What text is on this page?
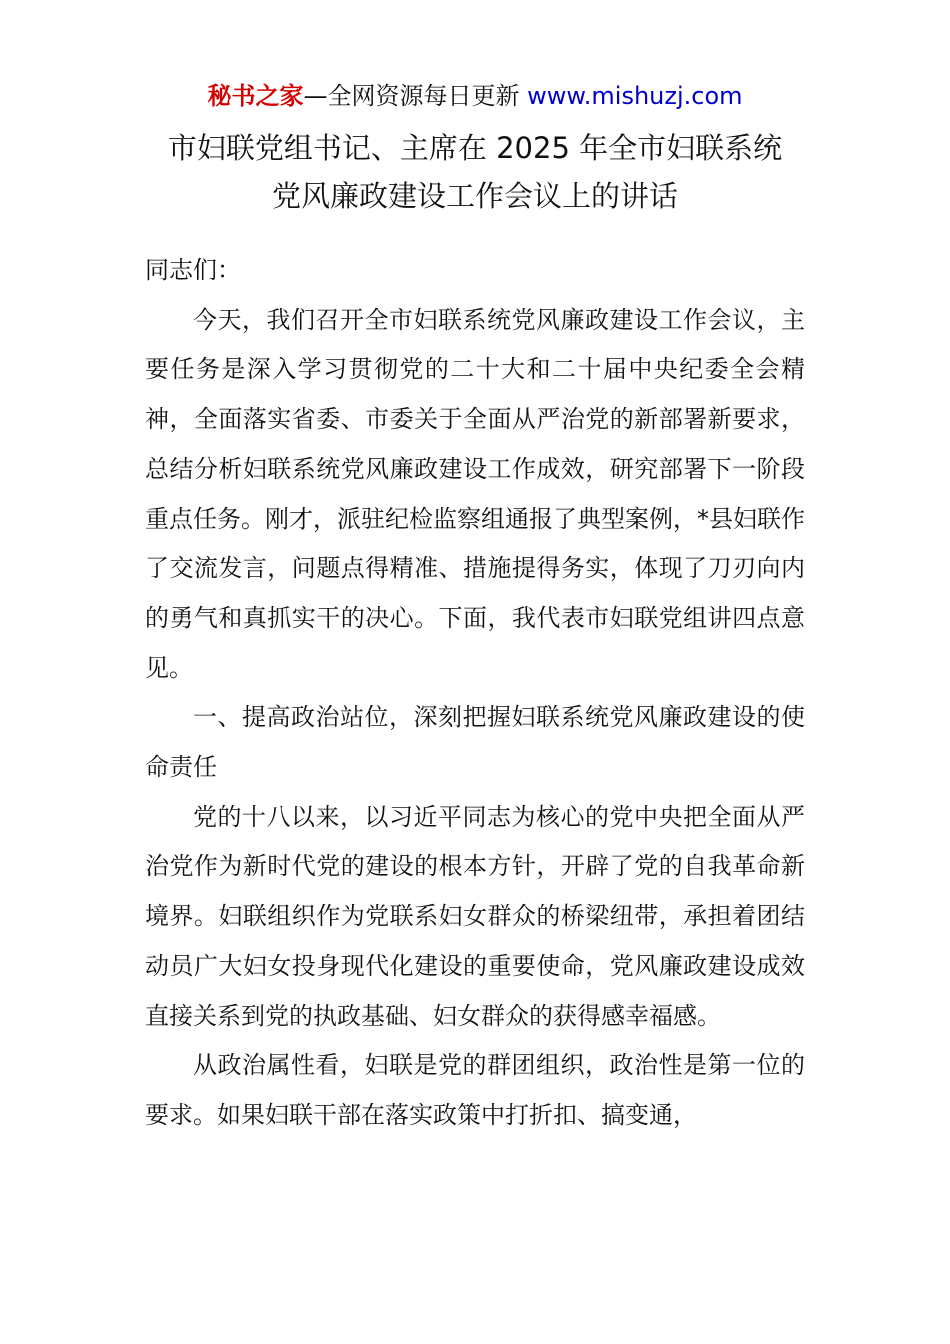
秘书之家—全网资源每日更新 www.mishuzj.com
市妇联党组书记、主席在 2025 年全市妇联系统
党风廉政建设工作会议上的讲话

同志们：

今天，我们召开全市妇联系统党风廉政建设工作会议，主要任务是深入学习贯彻党的二十大和二十届中央纪委全会精神，全面落实省委、市委关于全面从严治党的新部署新要求，总结分析妇联系统党风廉政建设工作成效，研究部署下一阶段重点任务。刚才，派驻纪检监察组通报了典型案例，*县妇联作了交流发言，问题点得精准、措施提得务实，体现了刀刃向内的勇气和真抓实干的决心。下面，我代表市妇联党组讲四点意见。

一、提高政治站位，深刻把握妇联系统党风廉政建设的使命责任

党的十八以来，以习近平同志为核心的党中央把全面从严治党作为新时代党的建设的根本方针，开辟了党的自我革命新境界。妇联组织作为党联系妇女群众的桥梁纽带，承担着团结动员广大妇女投身现代化建设的重要使命，党风廉政建设成效直接关系到党的执政基础、妇女群众的获得感幸福感。

从政治属性看，妇联是党的群团组织，政治性是第一位的要求。如果妇联干部在落实政策中打折扣、搞变通，
